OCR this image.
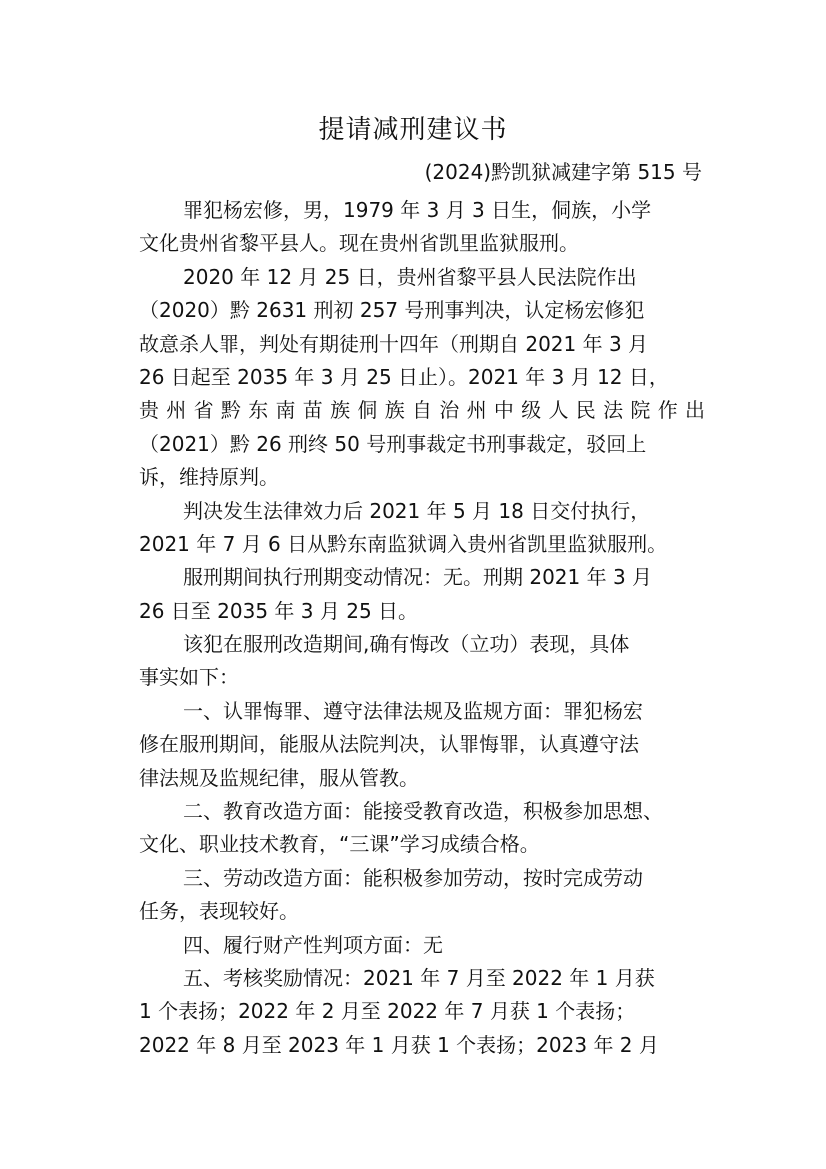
提请减刑建议书
(2024)黔凯狱减建字第 515 号
罪犯杨宏修，男，1979 年 3 月 3 日生，侗族，小学
文化贵州省黎平县人。现在贵州省凯里监狱服刑。
2020 年 12 月 25 日，贵州省黎平县人民法院作出
（2020）黔 2631 刑初 257 号刑事判决，认定杨宏修犯
故意杀人罪，判处有期徒刑十四年（刑期自 2021 年 3 月
26 日起至 2035 年 3 月 25 日止）。2021 年 3 月 12 日，
贵州省黔东南苗族侗族自治州中级人民法院作出
（2021）黔 26 刑终 50 号刑事裁定书刑事裁定，驳回上
诉，维持原判。
判决发生法律效力后 2021 年 5 月 18 日交付执行，
2021 年 7 月 6 日从黔东南监狱调入贵州省凯里监狱服刑。
服刑期间执行刑期变动情况：无。刑期 2021 年 3 月
26 日至 2035 年 3 月 25 日。
该犯在服刑改造期间,确有悔改（立功）表现，具体
事实如下：
一、认罪悔罪、遵守法律法规及监规方面：罪犯杨宏
修在服刑期间，能服从法院判决，认罪悔罪，认真遵守法
律法规及监规纪律，服从管教。
二、教育改造方面：能接受教育改造，积极参加思想、
文化、职业技术教育，“三课”学习成绩合格。
三、劳动改造方面：能积极参加劳动，按时完成劳动
任务，表现较好。
四、履行财产性判项方面：无
五、考核奖励情况：2021 年 7 月至 2022 年 1 月获
1 个表扬；2022 年 2 月至 2022 年 7 月获 1 个表扬；
2022 年 8 月至 2023 年 1 月获 1 个表扬；2023 年 2 月
